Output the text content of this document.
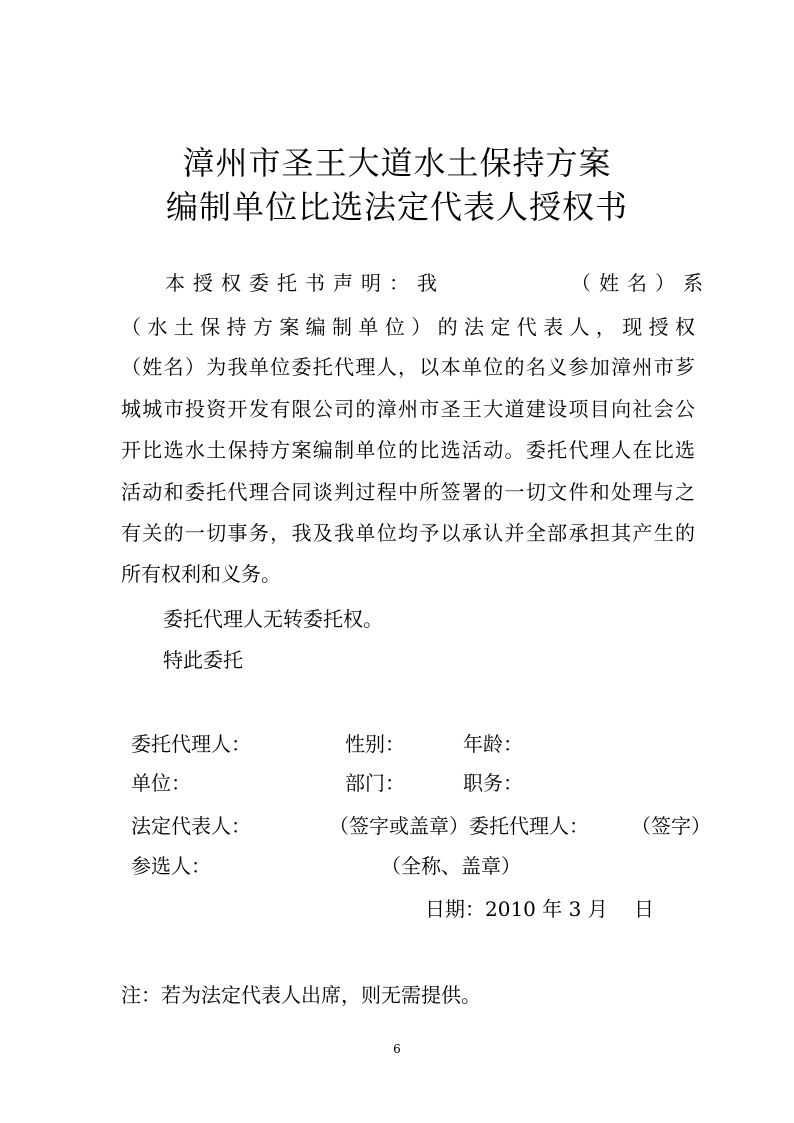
漳州市圣王大道水土保持方案
编制单位比选法定代表人授权书
本授权委托书声明：我	（姓名）系
（水土保持方案编制单位）的法定代表人，现授权
（姓名）为我单位委托代理人，以本单位的名义参加漳州市芗
城城市投资开发有限公司的漳州市圣王大道建设项目向社会公
开比选水土保持方案编制单位的比选活动。委托代理人在比选
活动和委托代理合同谈判过程中所签署的一切文件和处理与之
有关的一切事务，我及我单位均予以承认并全部承担其产生的
所有权利和义务。
委托代理人无转委托权。
特此委托
委托代理人：	性别：	年龄：
单位：	部门：	职务：
法定代表人：	（签字或盖章）委托代理人： （签字）
参选人：	（全称、盖章）
日期：2010 年 3 月　 日
注：若为法定代表人出席，则无需提供。
6
